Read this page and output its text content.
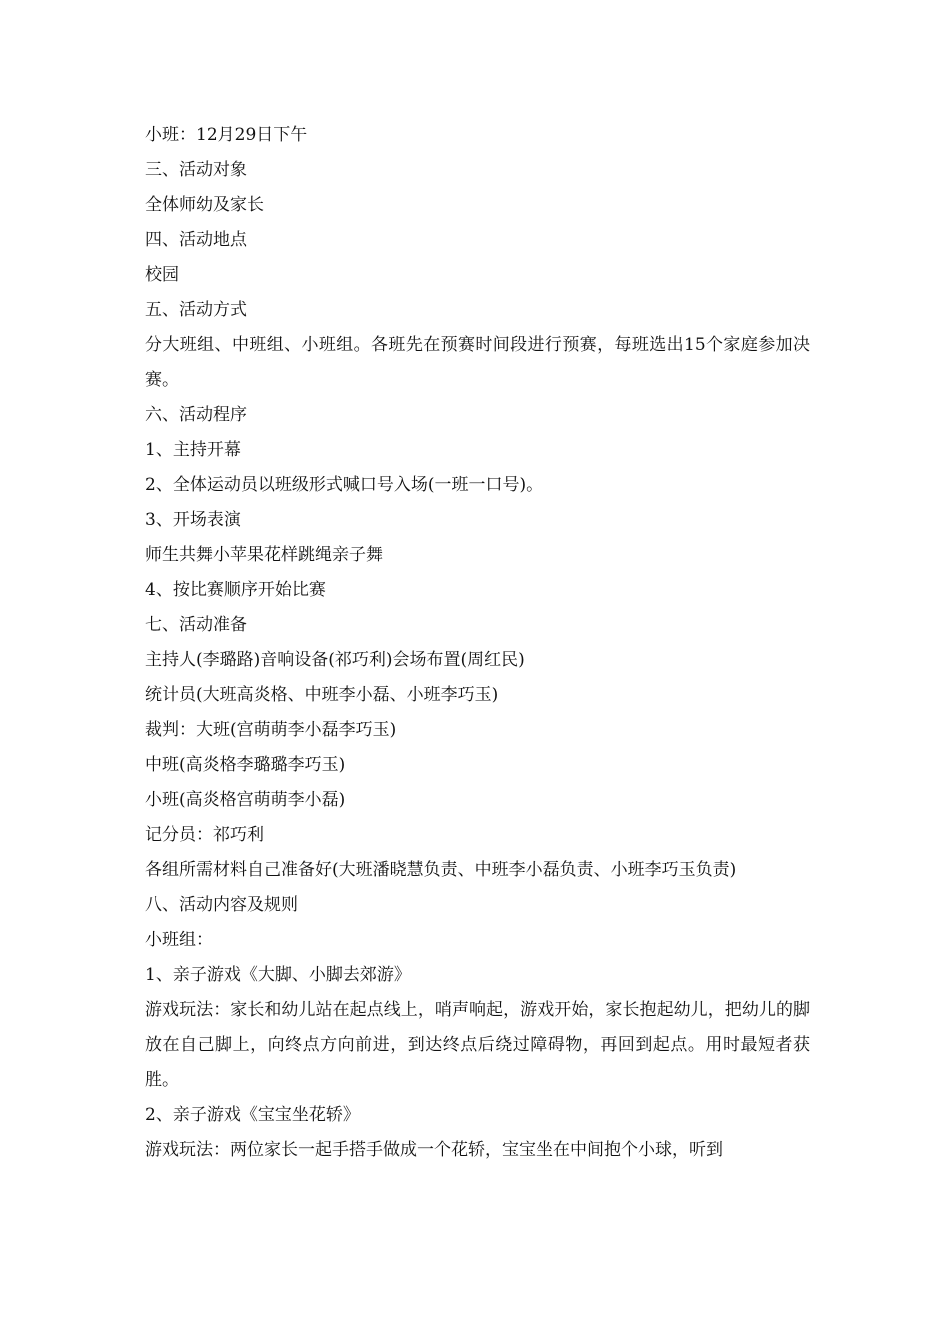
小班：12月29日下午
三、活动对象
全体师幼及家长
四、活动地点
校园
五、活动方式
分大班组、中班组、小班组。各班先在预赛时间段进行预赛，每班选出15个家庭参加决赛。
六、活动程序
1、主持开幕
2、全体运动员以班级形式喊口号入场(一班一口号)。
3、开场表演
师生共舞小苹果花样跳绳亲子舞
4、按比赛顺序开始比赛
七、活动准备
主持人(李璐路)音响设备(祁巧利)会场布置(周红民)
统计员(大班高炎格、中班李小磊、小班李巧玉)
裁判：大班(宫萌萌李小磊李巧玉)
中班(高炎格李璐璐李巧玉)
小班(高炎格宫萌萌李小磊)
记分员：祁巧利
各组所需材料自己准备好(大班潘晓慧负责、中班李小磊负责、小班李巧玉负责)
八、活动内容及规则
小班组：
1、亲子游戏《大脚、小脚去郊游》
游戏玩法：家长和幼儿站在起点线上，哨声响起，游戏开始，家长抱起幼儿，把幼儿的脚放在自己脚上，向终点方向前进，到达终点后绕过障碍物，再回到起点。用时最短者获胜。
2、亲子游戏《宝宝坐花轿》
游戏玩法：两位家长一起手搭手做成一个花轿，宝宝坐在中间抱个小球，听到
